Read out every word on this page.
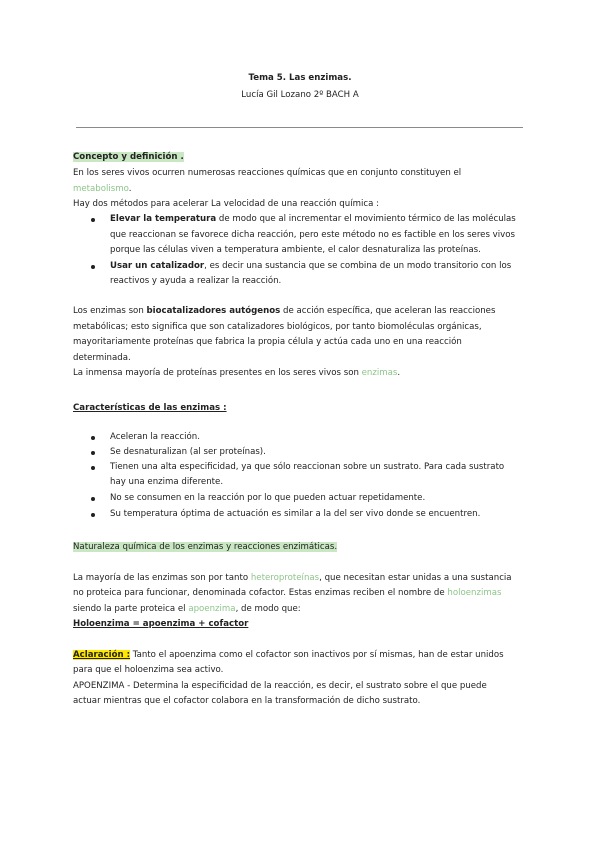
Tema 5. Las enzimas.
Lucía Gil Lozano 2º BACH A
Concepto y definición .
En los seres vivos ocurren numerosas reacciones químicas que en conjunto constituyen el
metabolismo.
Hay dos métodos para acelerar La velocidad de una reacción química :
Elevar la temperatura de modo que al incrementar el movimiento térmico de las moléculas
que reaccionan se favorece dicha reacción, pero este método no es factible en los seres vivos
porque las células viven a temperatura ambiente, el calor desnaturaliza las proteínas.
Usar un catalizador, es decir una sustancia que se combina de un modo transitorio con los
reactivos y ayuda a realizar la reacción.
Los enzimas son biocatalizadores autógenos de acción específica, que aceleran las reacciones
metabólicas; esto significa que son catalizadores biológicos, por tanto biomoléculas orgánicas,
mayoritariamente proteínas que fabrica la propia célula y actúa cada uno en una reacción
determinada.
La inmensa mayoría de proteínas presentes en los seres vivos son enzimas.
Características de las enzimas :
Aceleran la reacción.
Se desnaturalizan (al ser proteínas).
Tienen una alta especificidad, ya que sólo reaccionan sobre un sustrato. Para cada sustrato
hay una enzima diferente.
No se consumen en la reacción por lo que pueden actuar repetidamente.
Su temperatura óptima de actuación es similar a la del ser vivo donde se encuentren.
Naturaleza química de los enzimas y reacciones enzimáticas.
La mayoría de las enzimas son por tanto heteroproteínas, que necesitan estar unidas a una sustancia
no proteica para funcionar, denominada cofactor. Estas enzimas reciben el nombre de holoenzimas
siendo la parte proteica el apoenzima, de modo que:
Holoenzima = apoenzima + cofactor
Aclaración : Tanto el apoenzima como el cofactor son inactivos por sí mismas, han de estar unidos
para que el holoenzima sea activo.
APOENZIMA - Determina la especificidad de la reacción, es decir, el sustrato sobre el que puede
actuar mientras que el cofactor colabora en la transformación de dicho sustrato.
